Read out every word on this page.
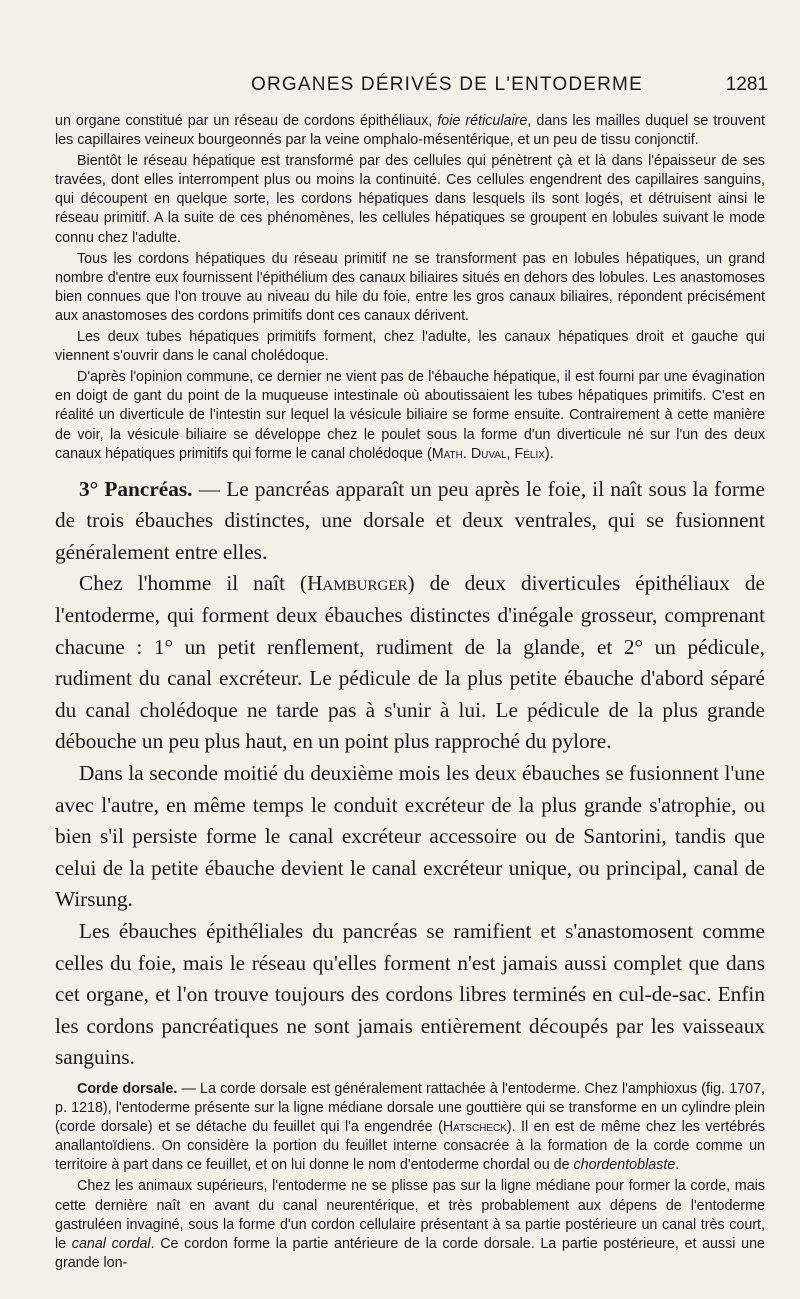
ORGANES DÉRIVÉS DE L'ENTODERME	1281

un organe constitué par un réseau de cordons épithéliaux, foie réticulaire, dans les mailles duquel se trouvent les capillaires veineux bourgeonnés par la veine omphalo-mésentérique, et un peu de tissu conjonctif.

Bientôt le réseau hépatique est transformé par des cellules qui pénètrent çà et là dans l'épaisseur de ses travées, dont elles interrompent plus ou moins la continuité. Ces cellules engendrent des capillaires sanguins, qui découpent en quelque sorte, les cordons hépatiques dans lesquels ils sont logés, et détruisent ainsi le réseau primitif. A la suite de ces phénomènes, les cellules hépatiques se groupent en lobules suivant le mode connu chez l'adulte.

Tous les cordons hépatiques du réseau primitif ne se transforment pas en lobules hépatiques, un grand nombre d'entre eux fournissent l'épithélium des canaux biliaires situés en dehors des lobules. Les anastomoses bien connues que l'on trouve au niveau du hile du foie, entre les gros canaux biliaires, répondent précisément aux anastomoses des cordons primitifs dont ces canaux dérivent.

Les deux tubes hépatiques primitifs forment, chez l'adulte, les canaux hépatiques droit et gauche qui viennent s'ouvrir dans le canal cholédoque.

D'après l'opinion commune, ce dernier ne vient pas de l'ébauche hépatique, il est fourni par une évagination en doigt de gant du point de la muqueuse intestinale où aboutissaient les tubes hépatiques primitifs. C'est en réalité un diverticule de l'intestin sur lequel la vésicule biliaire se forme ensuite. Contrairement à cette manière de voir, la vésicule biliaire se développe chez le poulet sous la forme d'un diverticule né sur l'un des deux canaux hépatiques primitifs qui forme le canal cholédoque (Math. Duval, Félix).

3° Pancréas. — Le pancréas apparaît un peu après le foie, il naît sous la forme de trois ébauches distinctes, une dorsale et deux ventrales, qui se fusionnent généralement entre elles.

Chez l'homme il naît (Hamburger) de deux diverticules épithéliaux de l'entoderme, qui forment deux ébauches distinctes d'inégale grosseur, comprenant chacune : 1° un petit renflement, rudiment de la glande, et 2° un pédicule, rudiment du canal excréteur. Le pédicule de la plus petite ébauche d'abord séparé du canal cholédoque ne tarde pas à s'unir à lui. Le pédicule de la plus grande débouche un peu plus haut, en un point plus rapproché du pylore.

Dans la seconde moitié du deuxième mois les deux ébauches se fusionnent l'une avec l'autre, en même temps le conduit excréteur de la plus grande s'atrophie, ou bien s'il persiste forme le canal excréteur accessoire ou de Santorini, tandis que celui de la petite ébauche devient le canal excréteur unique, ou principal, canal de Wirsung.

Les ébauches épithéliales du pancréas se ramifient et s'anastomosent comme celles du foie, mais le réseau qu'elles forment n'est jamais aussi complet que dans cet organe, et l'on trouve toujours des cordons libres terminés en cul-de-sac. Enfin les cordons pancréatiques ne sont jamais entièrement découpés par les vaisseaux sanguins.

Corde dorsale. — La corde dorsale est généralement rattachée à l'entoderme. Chez l'amphioxus (fig. 1707, p. 1218), l'entoderme présente sur la ligne médiane dorsale une gouttière qui se transforme en un cylindre plein (corde dorsale) et se détache du feuillet qui l'a engendrée (Hatscheck). Il en est de même chez les vertébrés anallantoïdiens. On considère la portion du feuillet interne consacrée à la formation de la corde comme un territoire à part dans ce feuillet, et on lui donne le nom d'entoderme chordal ou de chordentoblaste.

Chez les animaux supérieurs, l'entoderme ne se plisse pas sur la ligne médiane pour former la corde, mais cette dernière naît en avant du canal neurentérique, et très probablement aux dépens de l'entoderme gastruléen invaginé, sous la forme d'un cordon cellulaire présentant à sa partie postérieure un canal très court, le canal cordal. Ce cordon forme la partie antérieure de la corde dorsale. La partie postérieure, et aussi une grande lon-
